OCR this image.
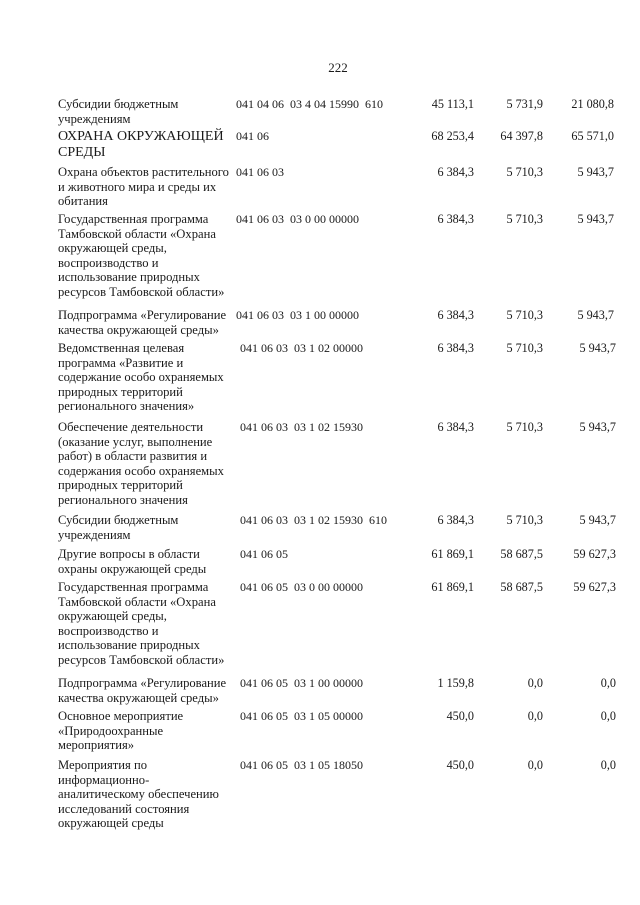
222
Субсидии бюджетным учреждениям
041 04 06  03 4 04 15990  610	45 113,1	5 731,9	21 080,8
ОХРАНА ОКРУЖАЮЩЕЙ СРЕДЫ
041 06	68 253,4	64 397,8	65 571,0
Охрана объектов растительного и животного мира и среды их обитания
041 06 03	6 384,3	5 710,3	5 943,7
Государственная программа Тамбовской области «Охрана окружающей среды, воспроизводство и использование природных ресурсов Тамбовской области»
041 06 03  03 0 00 00000	6 384,3	5 710,3	5 943,7
Подпрограмма «Регулирование качества окружающей среды»
041 06 03  03 1 00 00000	6 384,3	5 710,3	5 943,7
Ведомственная целевая программа «Развитие и содержание особо охраняемых природных территорий регионального значения»
041 06 03  03 1 02 00000	6 384,3	5 710,3	5 943,7
Обеспечение деятельности (оказание услуг, выполнение работ) в области развития и содержания особо охраняемых природных территорий регионального значения
041 06 03  03 1 02 15930	6 384,3	5 710,3	5 943,7
Субсидии бюджетным учреждениям
041 06 03  03 1 02 15930  610	6 384,3	5 710,3	5 943,7
Другие вопросы в области охраны окружающей среды
041 06 05	61 869,1	58 687,5	59 627,3
Государственная программа Тамбовской области «Охрана окружающей среды, воспроизводство и использование природных ресурсов Тамбовской области»
041 06 05  03 0 00 00000	61 869,1	58 687,5	59 627,3
Подпрограмма «Регулирование качества окружающей среды»
041 06 05  03 1 00 00000	1 159,8	0,0	0,0
Основное мероприятие «Природоохранные мероприятия»
041 06 05  03 1 05 00000	450,0	0,0	0,0
Мероприятия по информационно-аналитическому обеспечению исследований состояния окружающей среды
041 06 05  03 1 05 18050	450,0	0,0	0,0
